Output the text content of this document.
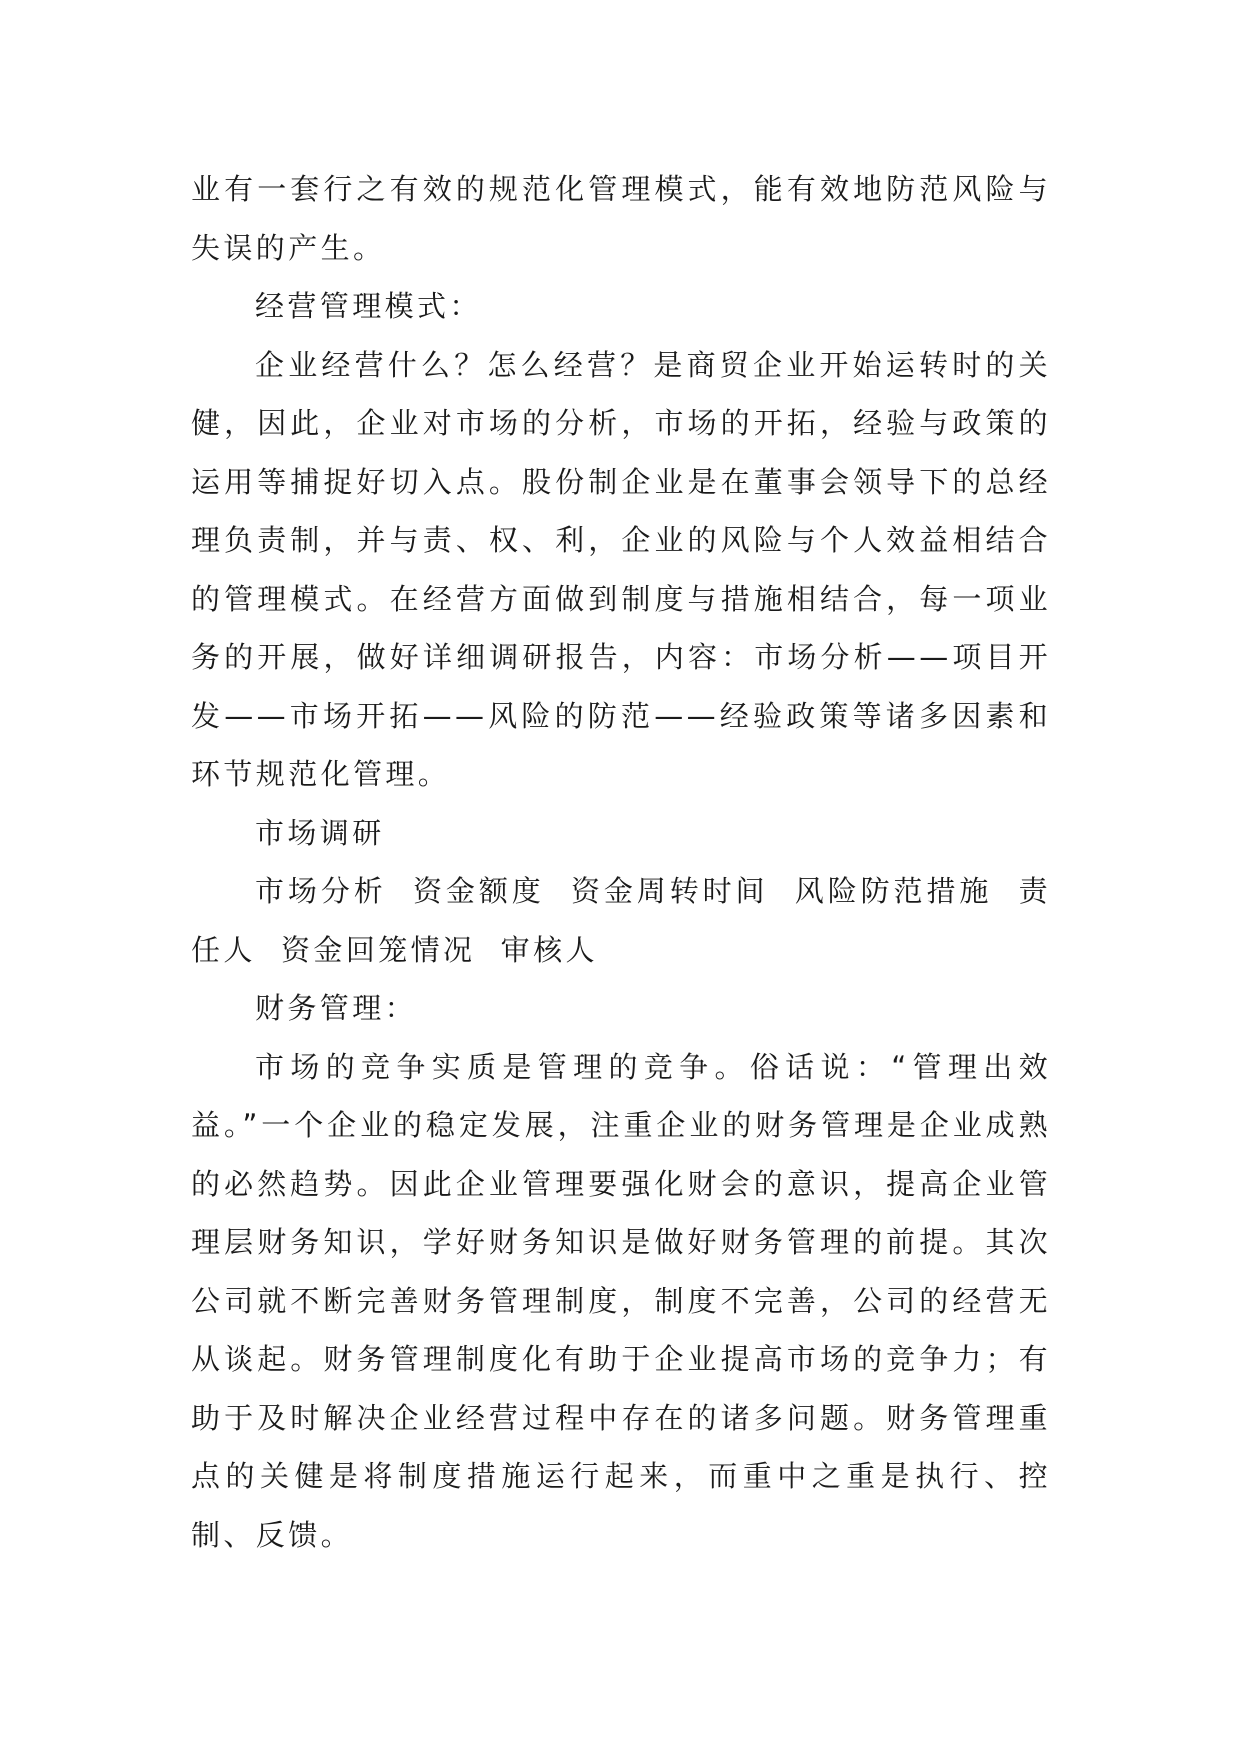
业有一套行之有效的规范化管理模式，能有效地防范风险与失误的产生。

经营管理模式：

企业经营什么？怎么经营？是商贸企业开始运转时的关健，因此，企业对市场的分析，市场的开拓，经验与政策的运用等捕捉好切入点。股份制企业是在董事会领导下的总经理负责制，并与责、权、利，企业的风险与个人效益相结合的管理模式。在经营方面做到制度与措施相结合，每一项业务的开展，做好详细调研报告，内容：市场分析——项目开发——市场开拓——风险的防范——经验政策等诸多因素和环节规范化管理。

市场调研

市场分析  资金额度  资金周转时间  风险防范措施  责任人  资金回笼情况  审核人

财务管理：

市场的竞争实质是管理的竞争。俗话说：“管理出效益。”一个企业的稳定发展，注重企业的财务管理是企业成熟的必然趋势。因此企业管理要强化财会的意识，提高企业管理层财务知识，学好财务知识是做好财务管理的前提。其次公司就不断完善财务管理制度，制度不完善，公司的经营无从谈起。财务管理制度化有助于企业提高市场的竞争力；有助于及时解决企业经营过程中存在的诸多问题。财务管理重点的关健是将制度措施运行起来，而重中之重是执行、控制、反馈。
